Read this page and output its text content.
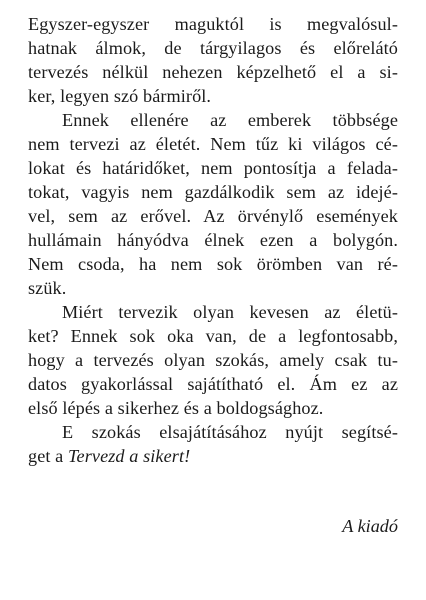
Egyszer-egyszer maguktól is megvalósul-
hatnak álmok, de tárgyilagos és előrelátó
tervezés nélkül nehezen képzelhető el a si-
ker, legyen szó bármiről.
Ennek ellenére az emberek többsége
nem tervezi az életét. Nem tűz ki világos cé-
lokat és határidőket, nem pontosítja a felada-
tokat, vagyis nem gazdálkodik sem az idejé-
vel, sem az erővel. Az örvénylő események
hullámain hányódva élnek ezen a bolygón.
Nem csoda, ha nem sok örömben van ré-
szük.
Miért tervezik olyan kevesen az életü-
ket? Ennek sok oka van, de a legfontosabb,
hogy a tervezés olyan szokás, amely csak tu-
datos gyakorlással sajátítható el. Ám ez az
első lépés a sikerhez és a boldogsághoz.
E szokás elsajátításához nyújt segítsé-
get a Tervezd a sikert!
A kiadó
